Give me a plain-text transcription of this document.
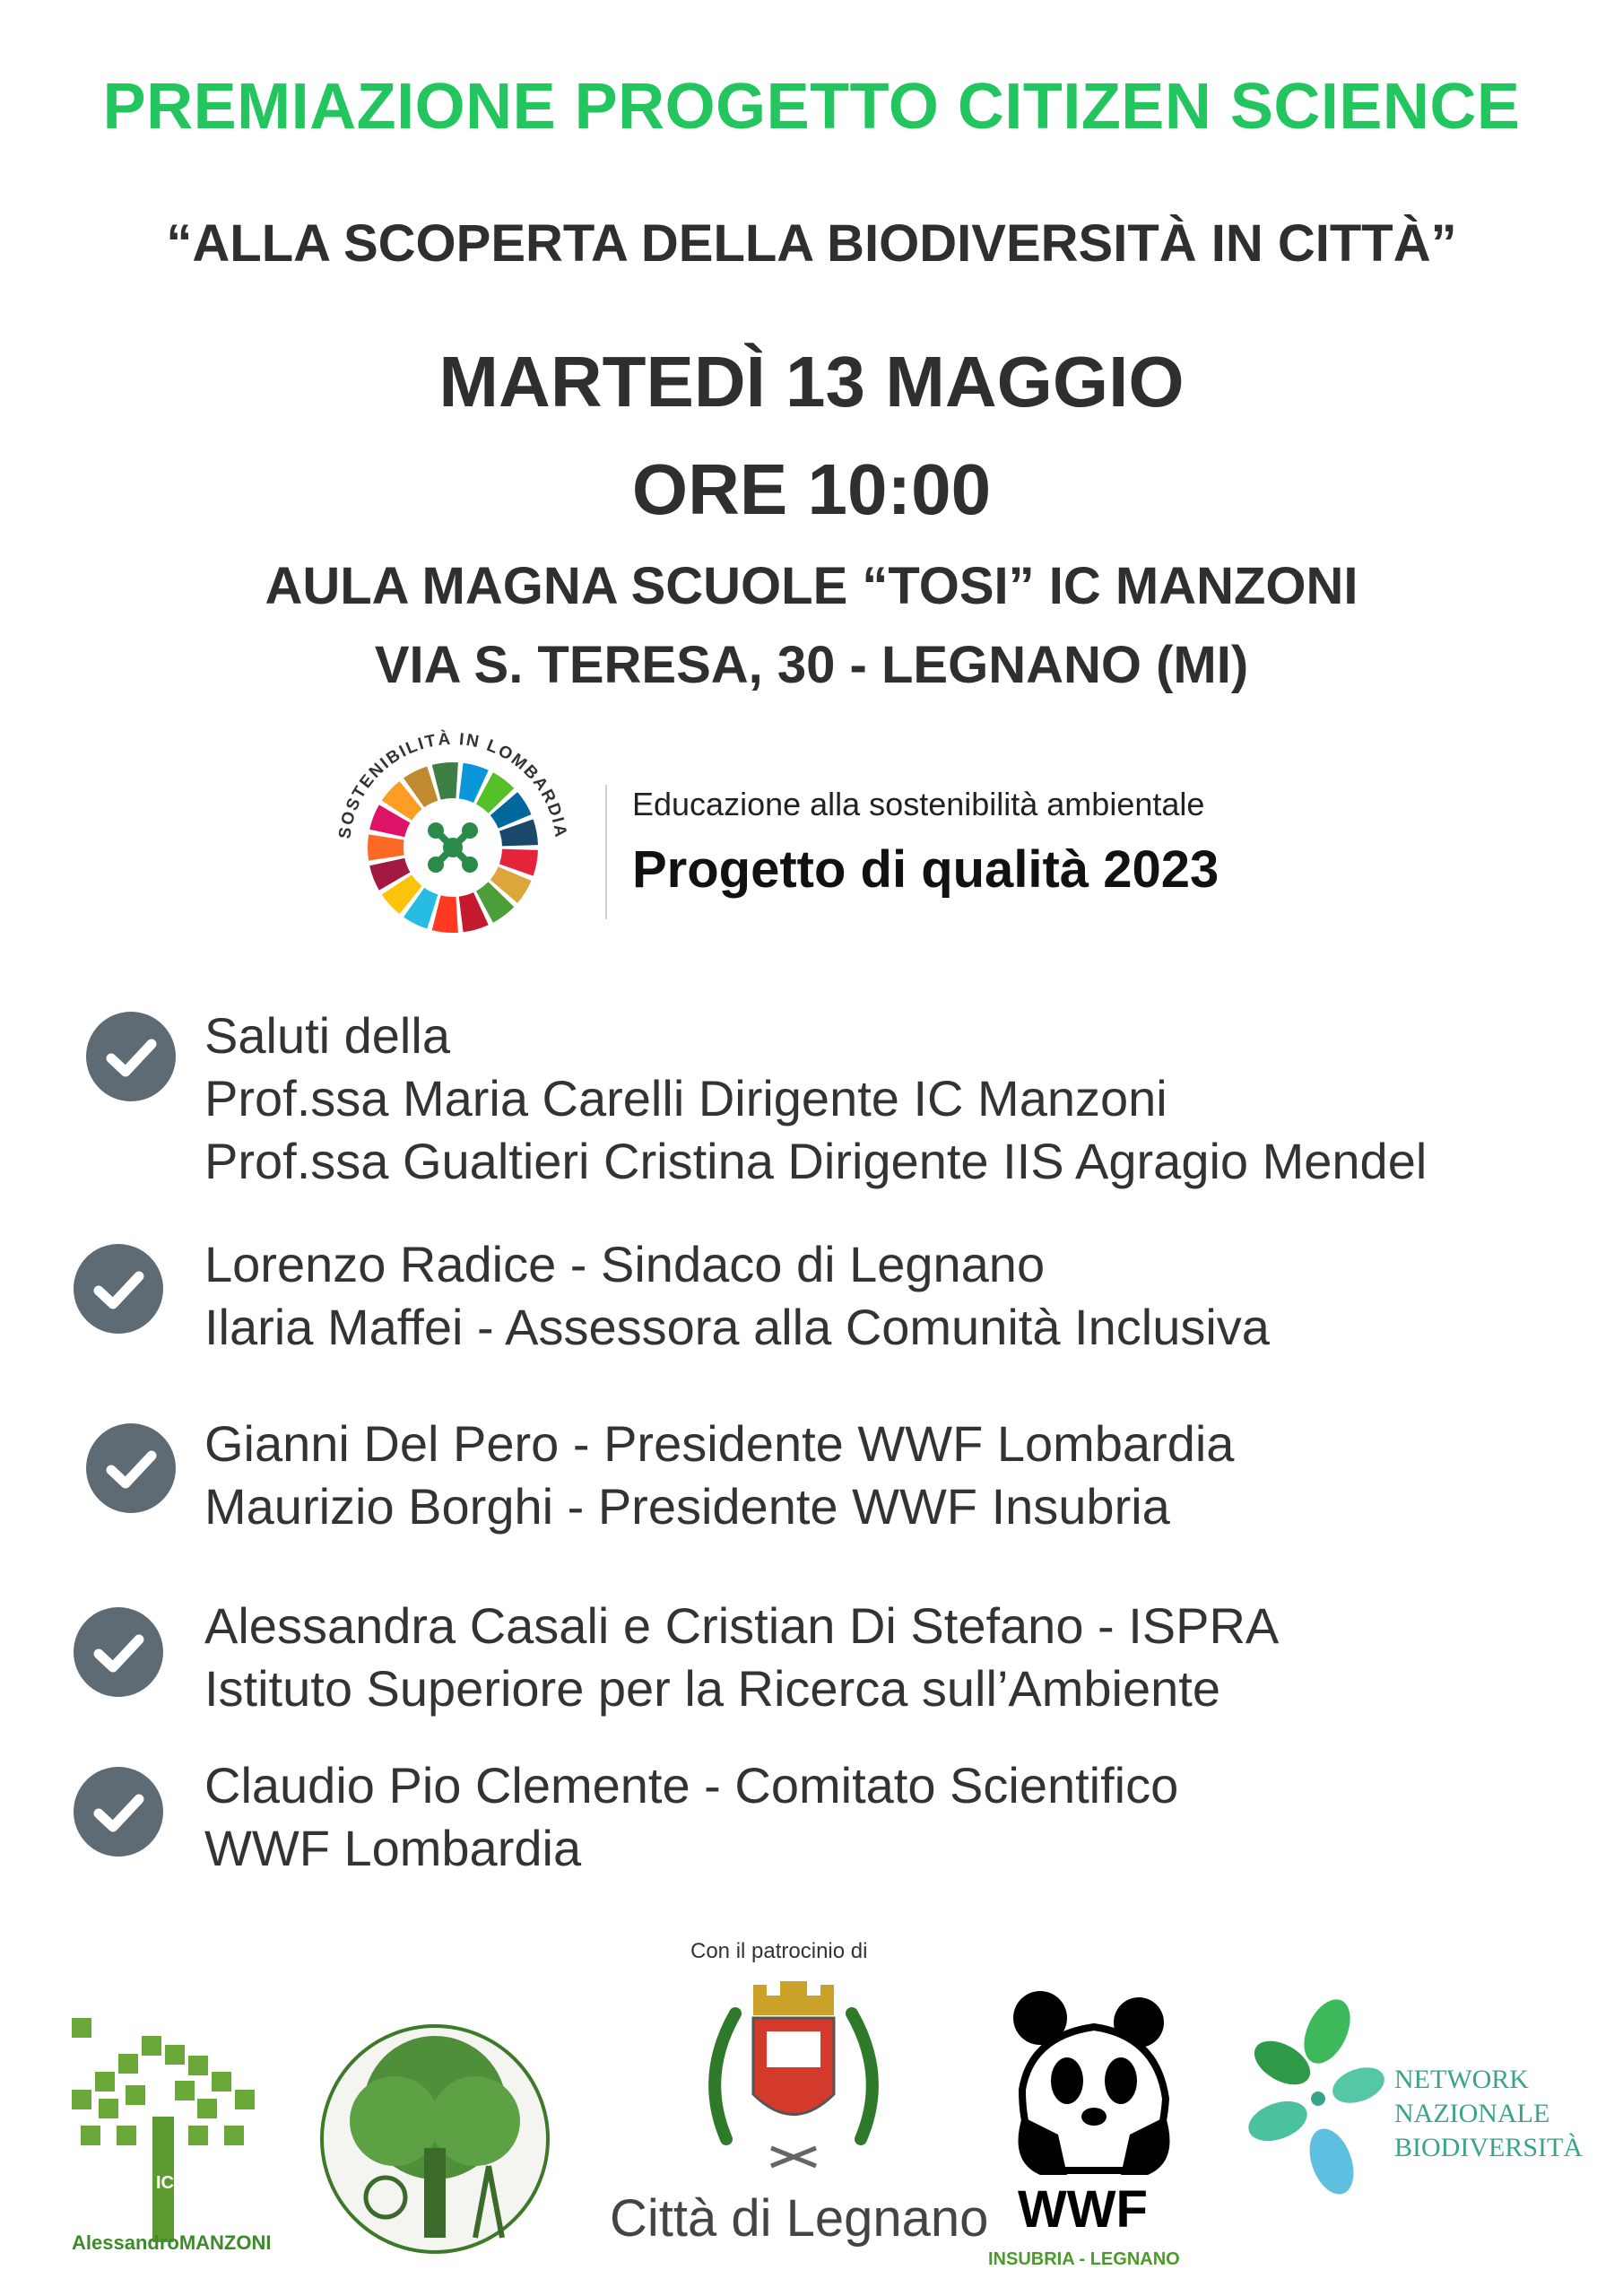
PREMIAZIONE PROGETTO CITIZEN SCIENCE
“ALLA SCOPERTA DELLA BIODIVERSITÀ IN CITTÀ”
MARTEDÌ 13 MAGGIO
ORE 10:00
AULA MAGNA SCUOLE “TOSI” IC MANZONI
VIA S. TERESA, 30 - LEGNANO (MI)
SOSTENIBILITÀ IN LOMBARDIA
Educazione alla sostenibilità ambientale
Progetto di qualità 2023
Saluti della
Prof.ssa Maria Carelli Dirigente IC Manzoni
Prof.ssa Gualtieri Cristina Dirigente IIS Agragio Mendel
Lorenzo Radice - Sindaco di Legnano
Ilaria Maffei - Assessora alla Comunità Inclusiva
Gianni Del Pero - Presidente WWF Lombardia
Maurizio Borghi - Presidente WWF Insubria
Alessandra Casali e Cristian Di Stefano - ISPRA
Istituto Superiore per la Ricerca sull’Ambiente
Claudio Pio Clemente - Comitato Scientifico
WWF Lombardia
ICS
AlessandroMANZONI
Con il patrocinio di
Città di Legnano WWF
INSUBRIA - LEGNANO
NETWORK
NAZIONALE
BIODIVERSITÀ
